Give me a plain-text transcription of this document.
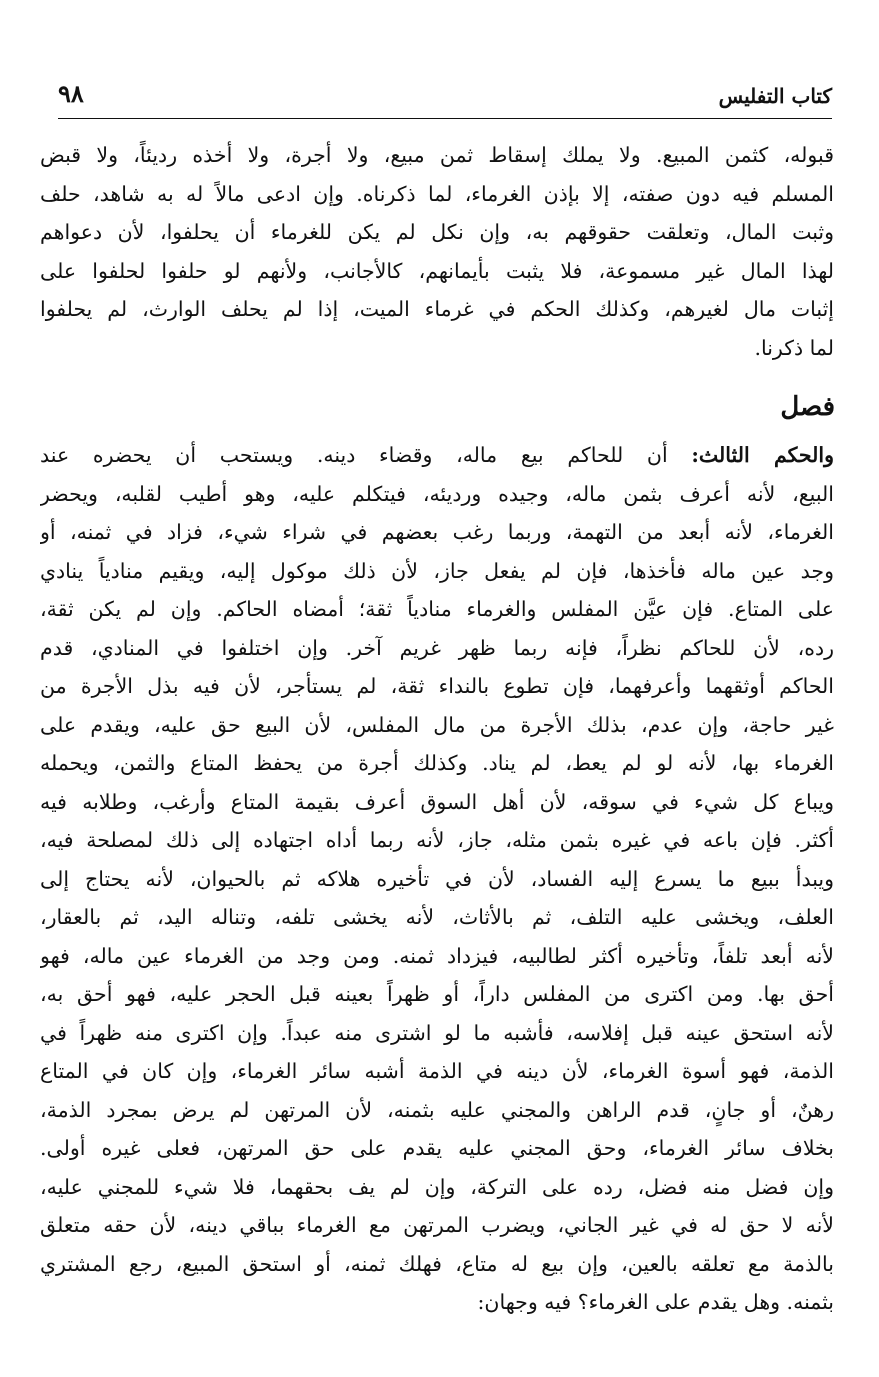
كتاب التفليس
٩٨
قبوله، كثمن المبيع. ولا يملك إسقاط ثمن مبيع، ولا أجرة، ولا أخذه رديئاً، ولا قبض
المسلم فيه دون صفته، إلا بإذن الغرماء، لما ذكرناه. وإن ادعى مالاً له به شاهد، حلف
وثبت المال، وتعلقت حقوقهم به، وإن نكل لم يكن للغرماء أن يحلفوا، لأن دعواهم
لهذا المال غير مسموعة، فلا يثبت بأيمانهم، كالأجانب، ولأنهم لو حلفوا لحلفوا على
إثبات مال لغيرهم، وكذلك الحكم في غرماء الميت، إذا لم يحلف الوارث، لم يحلفوا
لما ذكرنا.
فصل
والحكم الثالث: أن للحاكم بيع ماله، وقضاء دينه. ويستحب أن يحضره عند
البيع، لأنه أعرف بثمن ماله، وجيده ورديئه، فيتكلم عليه، وهو أطيب لقلبه، ويحضر
الغرماء، لأنه أبعد من التهمة، وربما رغب بعضهم في شراء شيء، فزاد في ثمنه، أو
وجد عين ماله فأخذها، فإن لم يفعل جاز، لأن ذلك موكول إليه، ويقيم منادياً ينادي
على المتاع. فإن عيَّن المفلس والغرماء منادياً ثقة؛ أمضاه الحاكم. وإن لم يكن ثقة،
رده، لأن للحاكم نظراً، فإنه ربما ظهر غريم آخر. وإن اختلفوا في المنادي، قدم
الحاكم أوثقهما وأعرفهما، فإن تطوع بالنداء ثقة، لم يستأجر، لأن فيه بذل الأجرة من
غير حاجة، وإن عدم، بذلك الأجرة من مال المفلس، لأن البيع حق عليه، ويقدم على
الغرماء بها، لأنه لو لم يعط، لم يناد. وكذلك أجرة من يحفظ المتاع والثمن، ويحمله
ويباع كل شيء في سوقه، لأن أهل السوق أعرف بقيمة المتاع وأرغب، وطلابه فيه
أكثر. فإن باعه في غيره بثمن مثله، جاز، لأنه ربما أداه اجتهاده إلى ذلك لمصلحة فيه،
ويبدأ ببيع ما يسرع إليه الفساد، لأن في تأخيره هلاكه ثم بالحيوان، لأنه يحتاج إلى
العلف، ويخشى عليه التلف، ثم بالأثاث، لأنه يخشى تلفه، وتناله اليد، ثم بالعقار،
لأنه أبعد تلفاً، وتأخيره أكثر لطالبيه، فيزداد ثمنه. ومن وجد من الغرماء عين ماله، فهو
أحق بها. ومن اكترى من المفلس داراً، أو ظهراً بعينه قبل الحجر عليه، فهو أحق به،
لأنه استحق عينه قبل إفلاسه، فأشبه ما لو اشترى منه عبداً. وإن اكترى منه ظهراً في
الذمة، فهو أسوة الغرماء، لأن دينه في الذمة أشبه سائر الغرماء، وإن كان في المتاع
رهنٌ، أو جانٍ، قدم الراهن والمجني عليه بثمنه، لأن المرتهن لم يرض بمجرد الذمة،
بخلاف سائر الغرماء، وحق المجني عليه يقدم على حق المرتهن، فعلى غيره أولى.
وإن فضل منه فضل، رده على التركة، وإن لم يف بحقهما، فلا شيء للمجني عليه،
لأنه لا حق له في غير الجاني، ويضرب المرتهن مع الغرماء بباقي دينه، لأن حقه متعلق
بالذمة مع تعلقه بالعين، وإن بيع له متاع، فهلك ثمنه، أو استحق المبيع، رجع المشتري
بثمنه. وهل يقدم على الغرماء؟ فيه وجهان:
